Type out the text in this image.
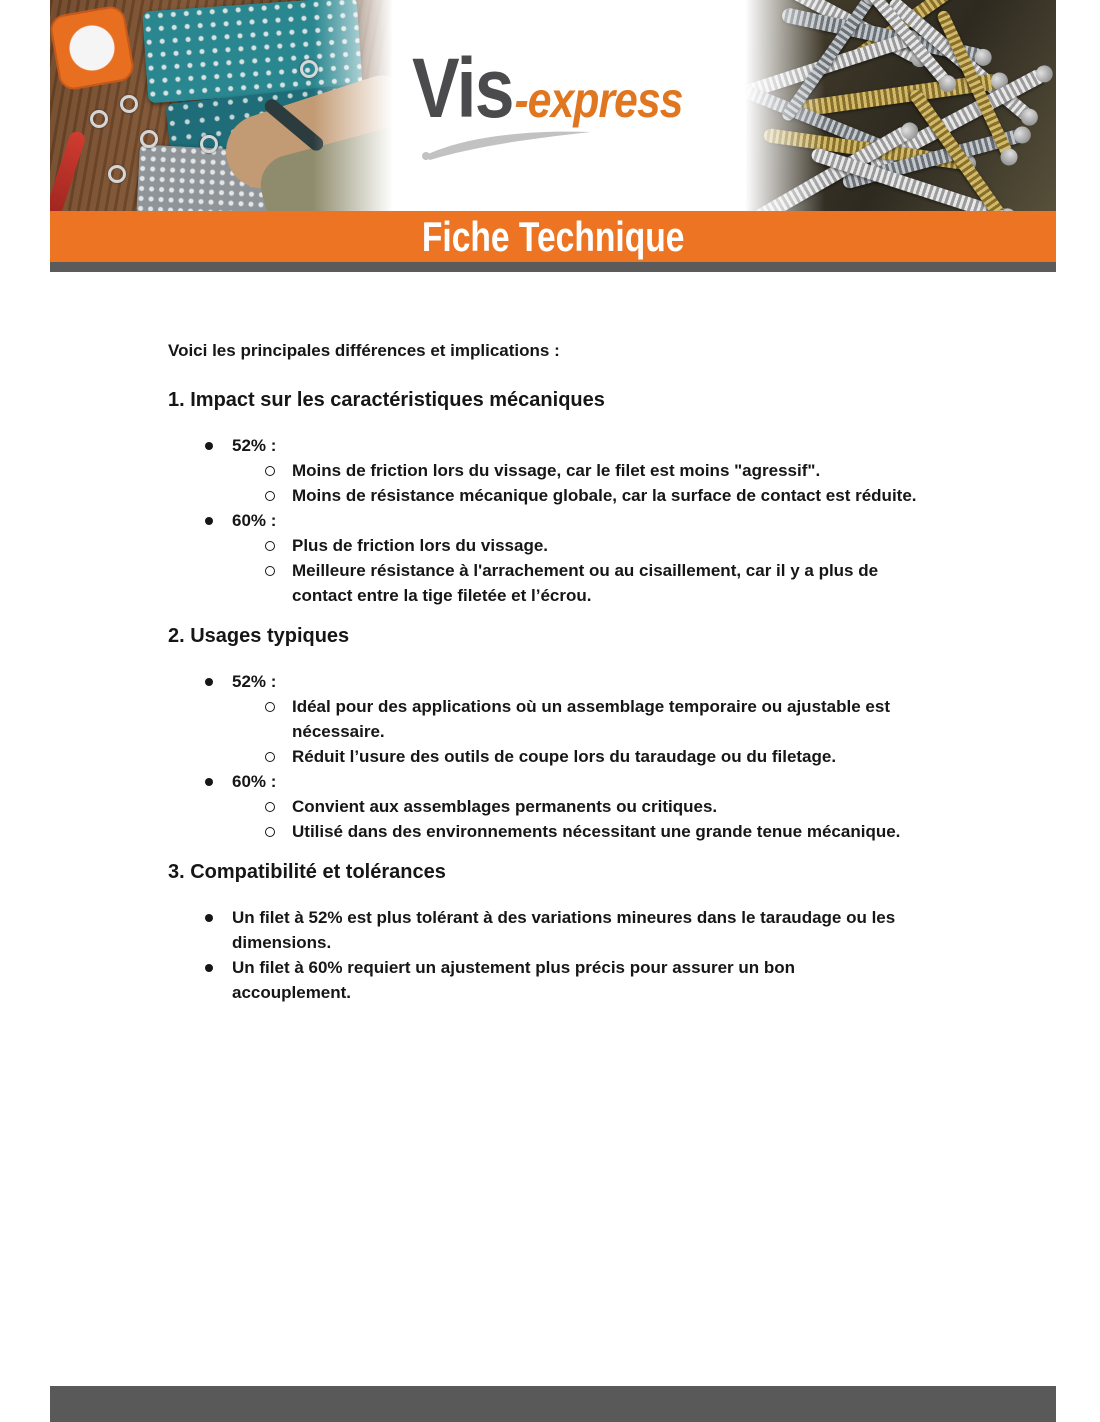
Vis -express
Fiche Technique

Voici les principales différences et implications :

1. Impact sur les caractéristiques mécaniques
52% :
Moins de friction lors du vissage, car le filet est moins "agressif".
Moins de résistance mécanique globale, car la surface de contact est réduite.
60% :
Plus de friction lors du vissage.
Meilleure résistance à l'arrachement ou au cisaillement, car il y a plus de contact entre la tige filetée et l’écrou.
2. Usages typiques
52% :
Idéal pour des applications où un assemblage temporaire ou ajustable est nécessaire.
Réduit l’usure des outils de coupe lors du taraudage ou du filetage.
60% :
Convient aux assemblages permanents ou critiques.
Utilisé dans des environnements nécessitant une grande tenue mécanique.
3. Compatibilité et tolérances
Un filet à 52% est plus tolérant à des variations mineures dans le taraudage ou les dimensions.
Un filet à 60% requiert un ajustement plus précis pour assurer un bon accouplement.
